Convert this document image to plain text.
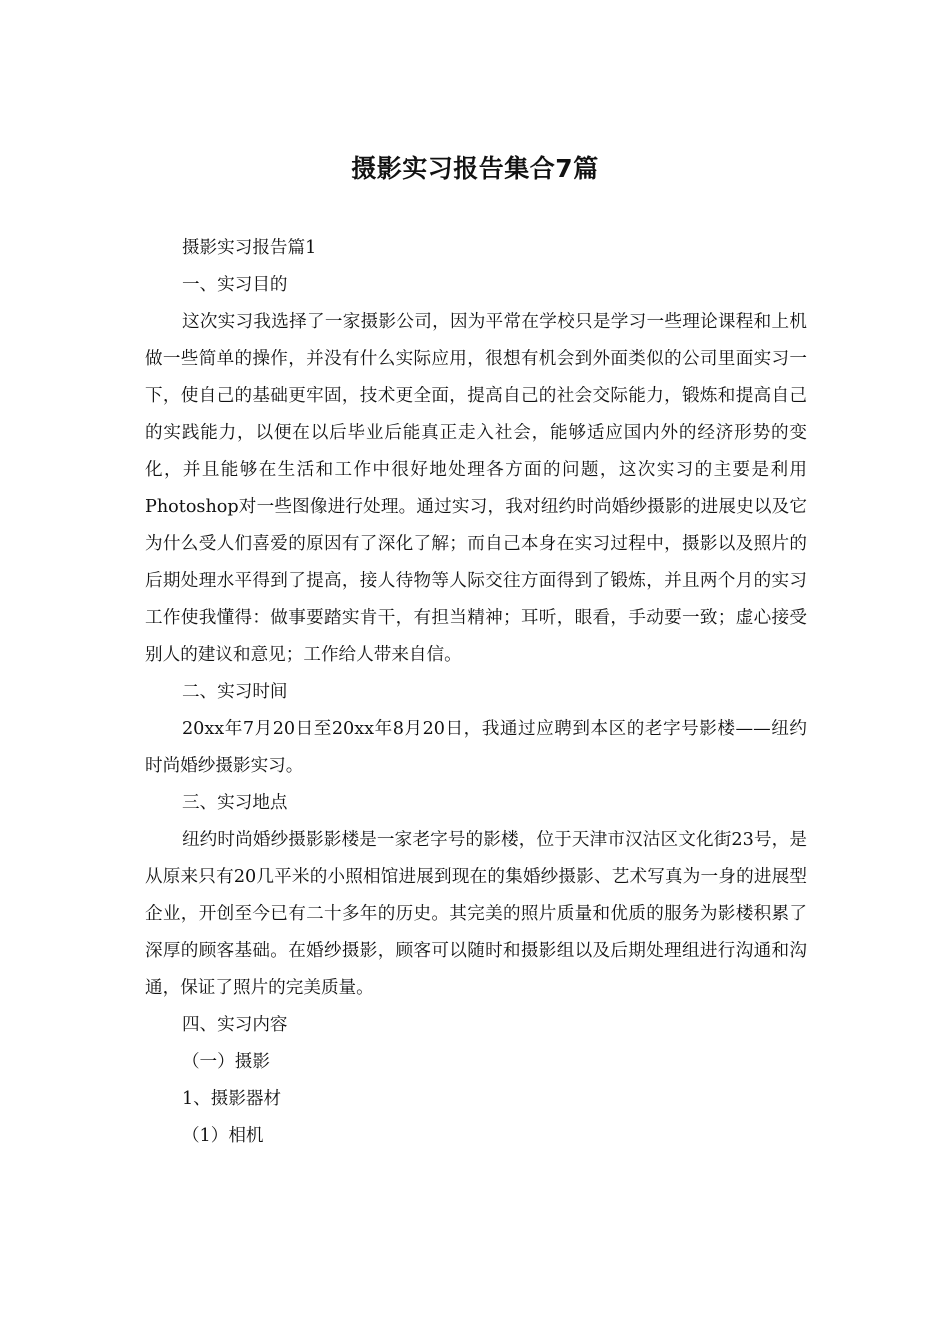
摄影实习报告集合7篇

摄影实习报告篇1

一、实习目的

这次实习我选择了一家摄影公司，因为平常在学校只是学习一些理论课程和上机做一些简单的操作，并没有什么实际应用，很想有机会到外面类似的公司里面实习一下，使自己的基础更牢固，技术更全面，提高自己的社会交际能力，锻炼和提高自己的实践能力，以便在以后毕业后能真正走入社会，能够适应国内外的经济形势的变化，并且能够在生活和工作中很好地处理各方面的问题，这次实习的主要是利用Photoshop对一些图像进行处理。通过实习，我对纽约时尚婚纱摄影的进展史以及它为什么受人们喜爱的原因有了深化了解；而自己本身在实习过程中，摄影以及照片的后期处理水平得到了提高，接人待物等人际交往方面得到了锻炼，并且两个月的实习工作使我懂得：做事要踏实肯干，有担当精神；耳听，眼看，手动要一致；虚心接受别人的建议和意见；工作给人带来自信。

二、实习时间

20xx年7月20日至20xx年8月20日，我通过应聘到本区的老字号影楼——纽约时尚婚纱摄影实习。

三、实习地点

纽约时尚婚纱摄影影楼是一家老字号的影楼，位于天津市汉沽区文化街23号，是从原来只有20几平米的小照相馆进展到现在的集婚纱摄影、艺术写真为一身的进展型企业，开创至今已有二十多年的历史。其完美的照片质量和优质的服务为影楼积累了深厚的顾客基础。在婚纱摄影，顾客可以随时和摄影组以及后期处理组进行沟通和沟通，保证了照片的完美质量。

四、实习内容

（一）摄影

1、摄影器材

（1）相机
